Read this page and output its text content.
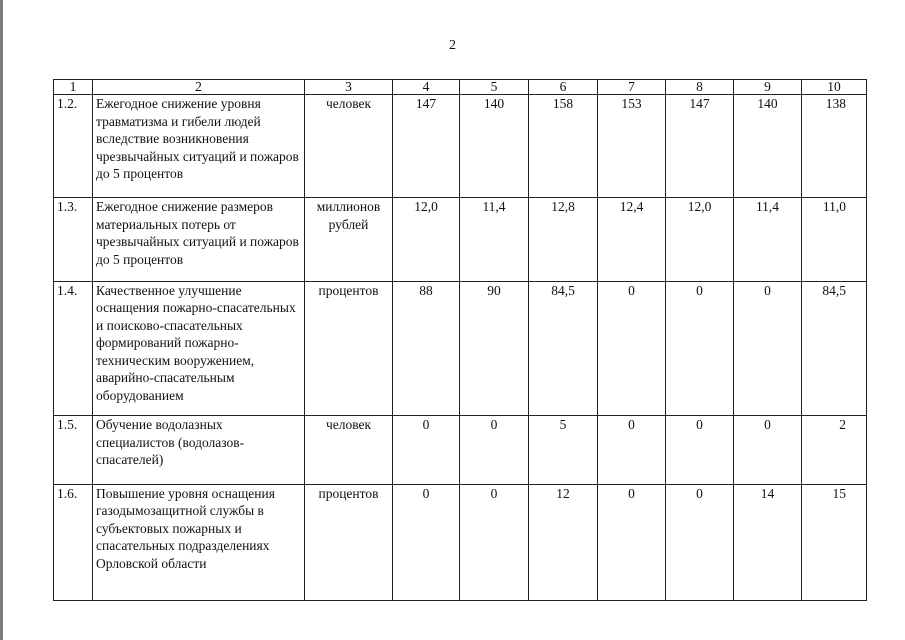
2
1	2	3	4	5	6	7	8	9	10
1.2.	Ежегодное снижение уровня травматизма и гибели людей вследствие возникновения чрезвычайных ситуаций и пожаров до 5 процентов	человек	147	140	158	153	147	140	138
1.3.	Ежегодное снижение размеров материальных потерь от чрезвычайных ситуаций и пожаров до 5 процентов	миллионов рублей	12,0	11,4	12,8	12,4	12,0	11,4	11,0
1.4.	Качественное улучшение оснащения пожарно-спасательных и поисково-спасательных формирований пожарно-техническим вооружением, аварийно-спасательным оборудованием	процентов	88	90	84,5	0	0	0	84,5
1.5.	Обучение водолазных специалистов (водолазов-спасателей)	человек	0	0	5	0	0	0	2
1.6.	Повышение уровня оснащения газодымозащитной службы в субъектовых пожарных и спасательных подразделениях Орловской области	процентов	0	0	12	0	0	14	15
